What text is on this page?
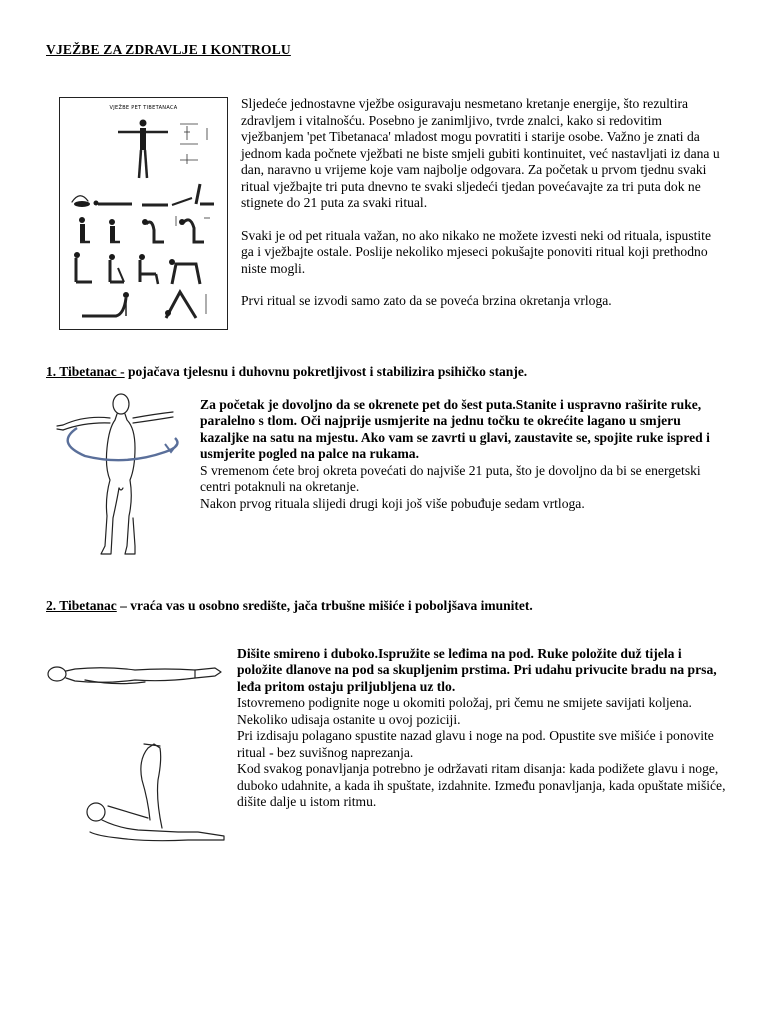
VJEŽBE ZA ZDRAVLJE I KONTROLU
VJEŽBE PET TIBETANACA	Sljedeće jednostavne vježbe osiguravaju nesmetano kretanje energije, što rezultira zdravljem i vitalnošću. Posebno je zanimljivo, tvrde znalci, kako si redovitim vježbanjem 'pet Tibetanaca' mladost mogu povratiti i starije osobe. Važno je znati da jednom kada počnete vježbati ne biste smjeli gubiti kontinuitet, već nastavljati iz dana u dan, naravno u vrijeme koje vam najbolje odgovara. Za početak u prvom tjednu svaki ritual vježbajte tri puta dnevno te svaki sljedeći tjedan povećavajte za tri puta dok ne stignete do 21 puta za svaki ritual.

Svaki je od pet rituala važan, no ako nikako ne možete izvesti neki od rituala, ispustite ga i vježbajte ostale. Poslije nekoliko mjeseci pokušajte ponoviti ritual koji prethodno niste mogli.

Prvi ritual se izvodi samo zato da se poveća brzina okretanja vrloga.

1. Tibetanac - pojačava tjelesnu i duhovnu pokretljivost i stabilizira psihičko stanje.

Za početak je dovoljno da se okrenete pet do šest puta.Stanite i uspravno raširite ruke, paralelno s tlom. Oči najprije usmjerite na jednu točku te okrećite lagano u smjeru kazaljke na satu na mjestu. Ako vam se zavrti u glavi, zaustavite se, spojite ruke ispred i usmjerite pogled na palce na rukama.

S vremenom ćete broj okreta povećati do najviše 21 puta, što je dovoljno da bi se energetski centri potaknuli na okretanje.
Nakon prvog rituala slijedi drugi koji još više pobuđuje sedam vrtloga.

2. Tibetanac – vraća vas u osobno središte, jača trbušne mišiće i poboljšava imunitet.

Dišite smireno i duboko.Ispružite se leđima na pod. Ruke položite duž tijela i položite dlanove na pod sa skupljenim prstima. Pri udahu privucite bradu na prsa, leđa pritom ostaju priljubljena uz tlo.

Istovremeno podignite noge u okomiti položaj, pri čemu ne smijete savijati koljena. Nekoliko udisaja ostanite u ovoj poziciji.
Pri izdisaju polagano spustite nazad glavu i noge na pod. Opustite sve mišiće i ponovite ritual - bez suvišnog naprezanja.
Kod svakog ponavljanja potrebno je održavati ritam disanja: kada podižete glavu i noge, duboko udahnite, a kada ih spuštate, izdahnite. Između ponavljanja, kada opuštate mišiće, dišite dalje u istom ritmu.
